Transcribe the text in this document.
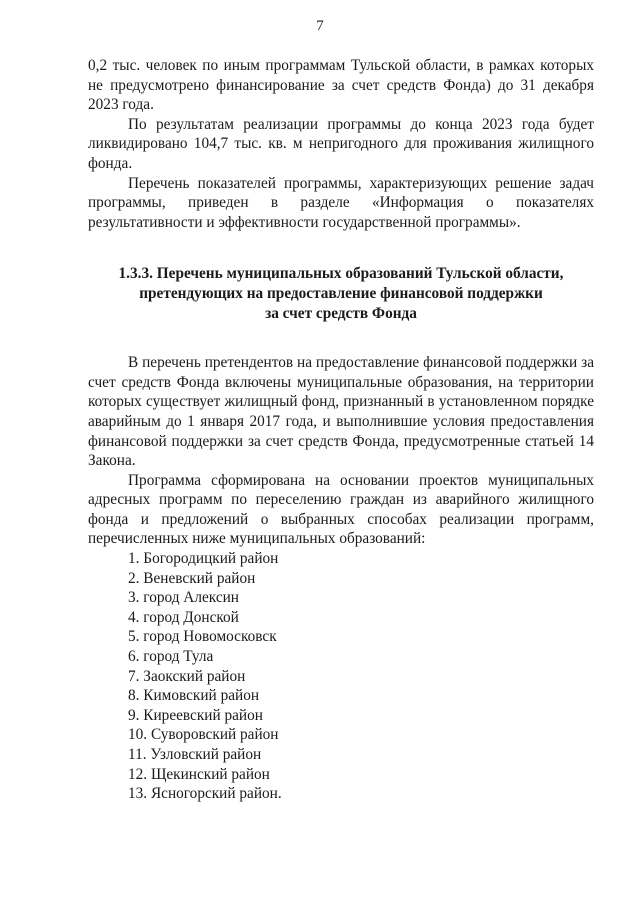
7

0,2 тыс. человек по иным программам Тульской области, в рамках которых не предусмотрено финансирование за счет средств Фонда) до 31 декабря 2023 года.

По результатам реализации программы до конца 2023 года будет ликвидировано 104,7 тыс. кв. м непригодного для проживания жилищного фонда.

Перечень показателей программы, характеризующих решение задач программы, приведен в разделе «Информация о показателях результативности и эффективности государственной программы».

1.3.3. Перечень муниципальных образований Тульской области,
претендующих на предоставление финансовой поддержки
за счет средств Фонда

В перечень претендентов на предоставление финансовой поддержки за счет средств Фонда включены муниципальные образования, на территории которых существует жилищный фонд, признанный в установленном порядке аварийным до 1 января 2017 года, и выполнившие условия предоставления финансовой поддержки за счет средств Фонда, предусмотренные статьей 14 Закона.

Программа сформирована на основании проектов муниципальных адресных программ по переселению граждан из аварийного жилищного фонда и предложений о выбранных способах реализации программ, перечисленных ниже муниципальных образований:

1. Богородицкий район
2. Веневский район
3. город Алексин
4. город Донской
5. город Новомосковск
6. город Тула
7. Заокский район
8. Кимовский район
9. Киреевский район
10. Суворовский район
11. Узловский район
12. Щекинский район
13. Ясногорский район.
